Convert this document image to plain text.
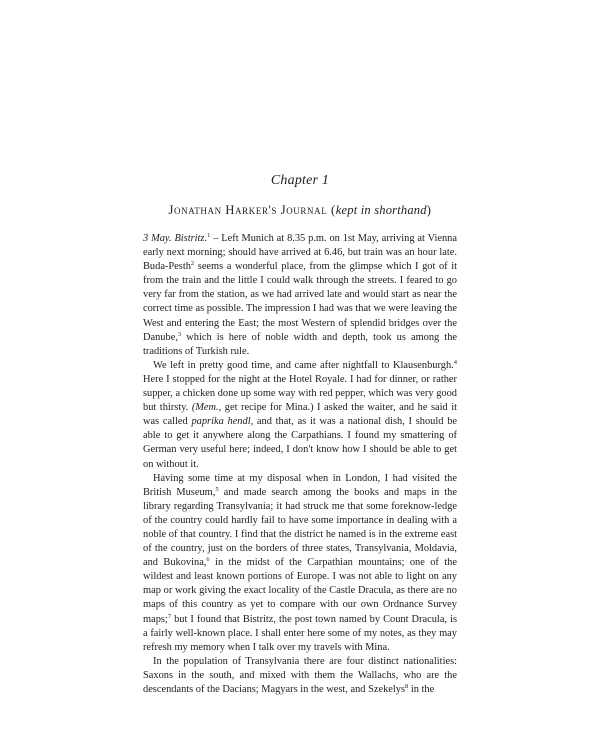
Chapter 1
Jonathan Harker's Journal (kept in shorthand)

3 May. Bistritz.$^1$ – Left Munich at 8.35 p.m. on 1st May, arriving at Vienna early next morning; should have arrived at 6.46, but train was an hour late. Buda-Pesth$^2$ seems a wonderful place, from the glimpse which I got of it from the train and the little I could walk through the streets. I feared to go very far from the station, as we had arrived late and would start as near the correct time as possible. The impression I had was that we were leaving the West and entering the East; the most Western of splendid bridges over the Danube,$^3$ which is here of noble width and depth, took us among the traditions of Turkish rule.

We left in pretty good time, and came after nightfall to Klausenburgh.$^4$ Here I stopped for the night at the Hotel Royale. I had for dinner, or rather supper, a chicken done up some way with red pepper, which was very good but thirsty. (Mem., get recipe for Mina.) I asked the waiter, and he said it was called paprika hendl, and that, as it was a national dish, I should be able to get it anywhere along the Carpathians. I found my smattering of German very useful here; indeed, I don't know how I should be able to get on without it.

Having some time at my disposal when in London, I had visited the British Museum,$^5$ and made search among the books and maps in the library regarding Transylvania; it had struck me that some foreknow-ledge of the country could hardly fail to have some importance in dealing with a noble of that country. I find that the district he named is in the extreme east of the country, just on the borders of three states, Transylvania, Moldavia, and Bukovina,$^6$ in the midst of the Carpathian mountains; one of the wildest and least known portions of Europe. I was not able to light on any map or work giving the exact locality of the Castle Dracula, as there are no maps of this country as yet to compare with our own Ordnance Survey maps;$^7$ but I found that Bistritz, the post town named by Count Dracula, is a fairly well-known place. I shall enter here some of my notes, as they may refresh my memory when I talk over my travels with Mina.

In the population of Transylvania there are four distinct nationalities: Saxons in the south, and mixed with them the Wallachs, who are the descendants of the Dacians; Magyars in the west, and Szekelys$^8$ in the
